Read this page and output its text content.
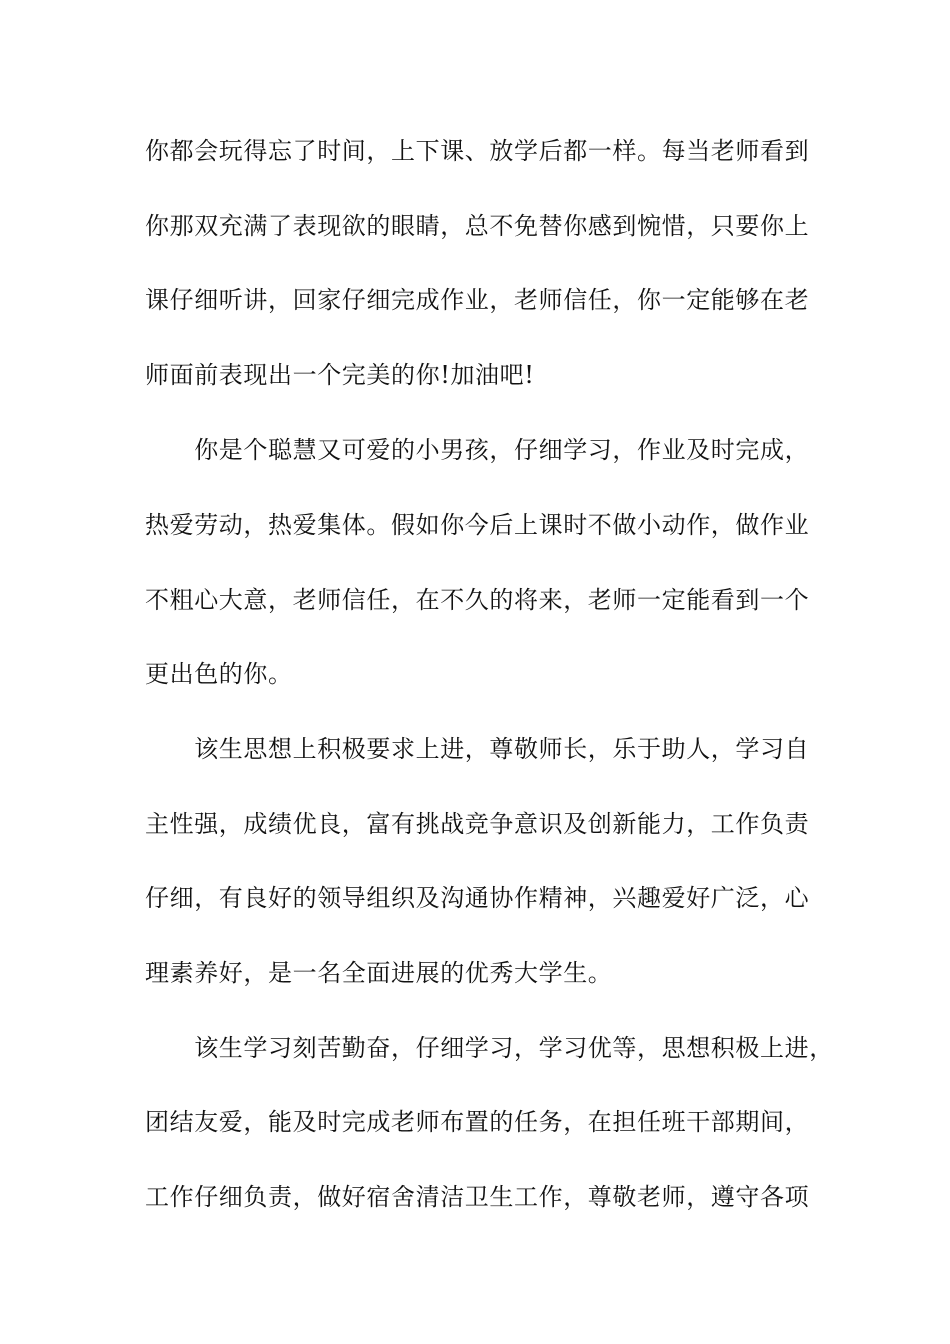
你都会玩得忘了时间，上下课、放学后都一样。每当老师看到
你那双充满了表现欲的眼睛，总不免替你感到惋惜，只要你上
课仔细听讲，回家仔细完成作业，老师信任，你一定能够在老
师面前表现出一个完美的你!加油吧!
　　你是个聪慧又可爱的小男孩，仔细学习，作业及时完成，
热爱劳动，热爱集体。假如你今后上课时不做小动作，做作业
不粗心大意，老师信任，在不久的将来，老师一定能看到一个
更出色的你。
　　该生思想上积极要求上进，尊敬师长，乐于助人，学习自
主性强，成绩优良，富有挑战竞争意识及创新能力，工作负责
仔细，有良好的领导组织及沟通协作精神，兴趣爱好广泛，心
理素养好，是一名全面进展的优秀大学生。
　　该生学习刻苦勤奋，仔细学习，学习优等，思想积极上进，
团结友爱，能及时完成老师布置的任务，在担任班干部期间，
工作仔细负责，做好宿舍清洁卫生工作，尊敬老师，遵守各项
